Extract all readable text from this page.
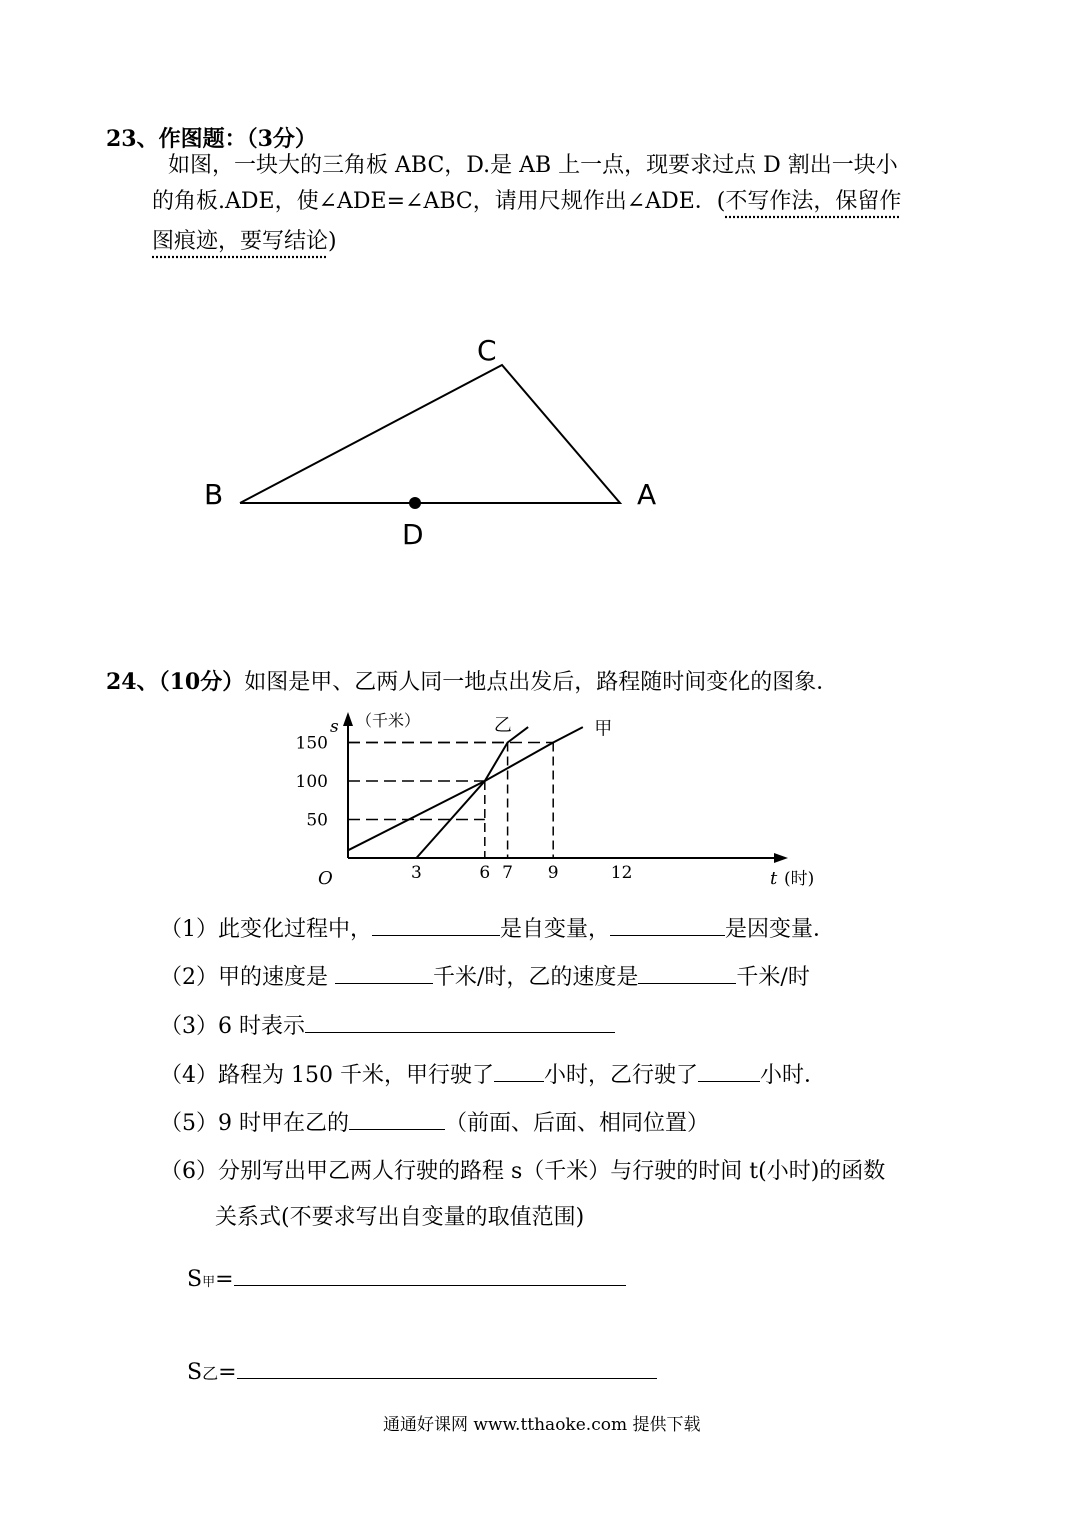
23、作图题：（3分）
如图，一块大的三角板 ABC，D.是 AB 上一点，现要求过点 D 割出一块小
的角板.ADE，使∠ADE=∠ABC，请用尺规作出∠ADE．(不写作法，保留作
图痕迹，要写结论)
C
B	A
D
24、（10分）如图是甲、乙两人同一地点出发后，路程随时间变化的图象．
甲
乙
3	6 7 9	12
50
100
150
s （千米）
O	t (时)
（1）此变化过程中，	是自变量，	是因变量．
（2）甲的速度是	千米/时，乙的速度是	千米/时
（3）6 时表示
（4）路程为 150 千米，甲行驶了 小时，乙行驶了	小时．
（5）9 时甲在乙的	（前面、后面、相同位置）
（6）分别写出甲乙两人行驶的路程 s（千米）与行驶的时间 t(小时)的函数
关系式(不要求写出自变量的取值范围)
S甲=
S乙=
通通好课网 www.tthaoke.com 提供下载
